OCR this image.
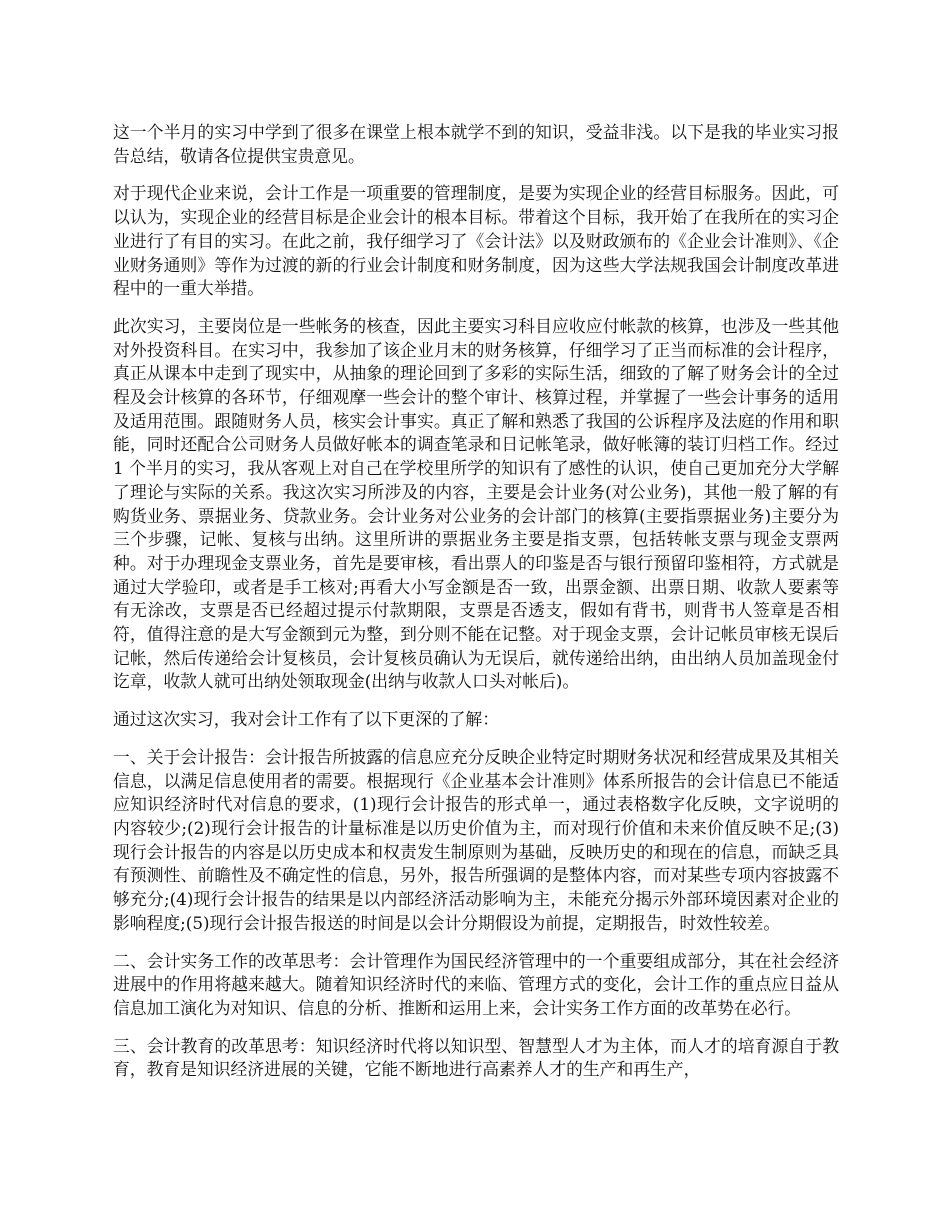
这一个半月的实习中学到了很多在课堂上根本就学不到的知识，受益非浅。以下是我的毕业实习报告总结，敬请各位提供宝贵意见。

对于现代企业来说，会计工作是一项重要的管理制度，是要为实现企业的经营目标服务。因此，可以认为，实现企业的经营目标是企业会计的根本目标。带着这个目标，我开始了在我所在的实习企业进行了有目的实习。在此之前，我仔细学习了《会计法》以及财政颁布的《企业会计准则》、《企业财务通则》等作为过渡的新的行业会计制度和财务制度，因为这些大学法规我国会计制度改革进程中的一重大举措。

此次实习，主要岗位是一些帐务的核查，因此主要实习科目应收应付帐款的核算，也涉及一些其他对外投资科目。在实习中，我参加了该企业月末的财务核算，仔细学习了正当而标准的会计程序，真正从课本中走到了现实中，从抽象的理论回到了多彩的实际生活，细致的了解了财务会计的全过程及会计核算的各环节，仔细观摩一些会计的整个审计、核算过程，并掌握了一些会计事务的适用及适用范围。跟随财务人员，核实会计事实。真正了解和熟悉了我国的公诉程序及法庭的作用和职能，同时还配合公司财务人员做好帐本的调查笔录和日记帐笔录，做好帐簿的装订归档工作。经过 1 个半月的实习，我从客观上对自己在学校里所学的知识有了感性的认识，使自己更加充分大学解了理论与实际的关系。我这次实习所涉及的内容，主要是会计业务(对公业务)，其他一般了解的有购货业务、票据业务、贷款业务。会计业务对公业务的会计部门的核算(主要指票据业务)主要分为三个步骤，记帐、复核与出纳。这里所讲的票据业务主要是指支票，包括转帐支票与现金支票两种。对于办理现金支票业务，首先是要审核，看出票人的印鉴是否与银行预留印鉴相符，方式就是通过大学验印，或者是手工核对;再看大小写金额是否一致，出票金额、出票日期、收款人要素等有无涂改，支票是否已经超过提示付款期限，支票是否透支，假如有背书，则背书人签章是否相符，值得注意的是大写金额到元为整，到分则不能在记整。对于现金支票，会计记帐员审核无误后记帐，然后传递给会计复核员，会计复核员确认为无误后，就传递给出纳，由出纳人员加盖现金付讫章，收款人就可出纳处领取现金(出纳与收款人口头对帐后)。

通过这次实习，我对会计工作有了以下更深的了解：

一、关于会计报告：会计报告所披露的信息应充分反映企业特定时期财务状况和经营成果及其相关信息，以满足信息使用者的需要。根据现行《企业基本会计准则》体系所报告的会计信息已不能适应知识经济时代对信息的要求，(1)现行会计报告的形式单一，通过表格数字化反映，文字说明的内容较少;(2)现行会计报告的计量标准是以历史价值为主，而对现行价值和未来价值反映不足;(3)现行会计报告的内容是以历史成本和权责发生制原则为基础，反映历史的和现在的信息，而缺乏具有预测性、前瞻性及不确定性的信息，另外，报告所强调的是整体内容，而对某些专项内容披露不够充分;(4)现行会计报告的结果是以内部经济活动影响为主，未能充分揭示外部环境因素对企业的影响程度;(5)现行会计报告报送的时间是以会计分期假设为前提，定期报告，时效性较差。

二、会计实务工作的改革思考：会计管理作为国民经济管理中的一个重要组成部分，其在社会经济进展中的作用将越来越大。随着知识经济时代的来临、管理方式的变化，会计工作的重点应日益从信息加工演化为对知识、信息的分析、推断和运用上来，会计实务工作方面的改革势在必行。

三、会计教育的改革思考：知识经济时代将以知识型、智慧型人才为主体，而人才的培育源自于教育，教育是知识经济进展的关键，它能不断地进行高素养人才的生产和再生产，
